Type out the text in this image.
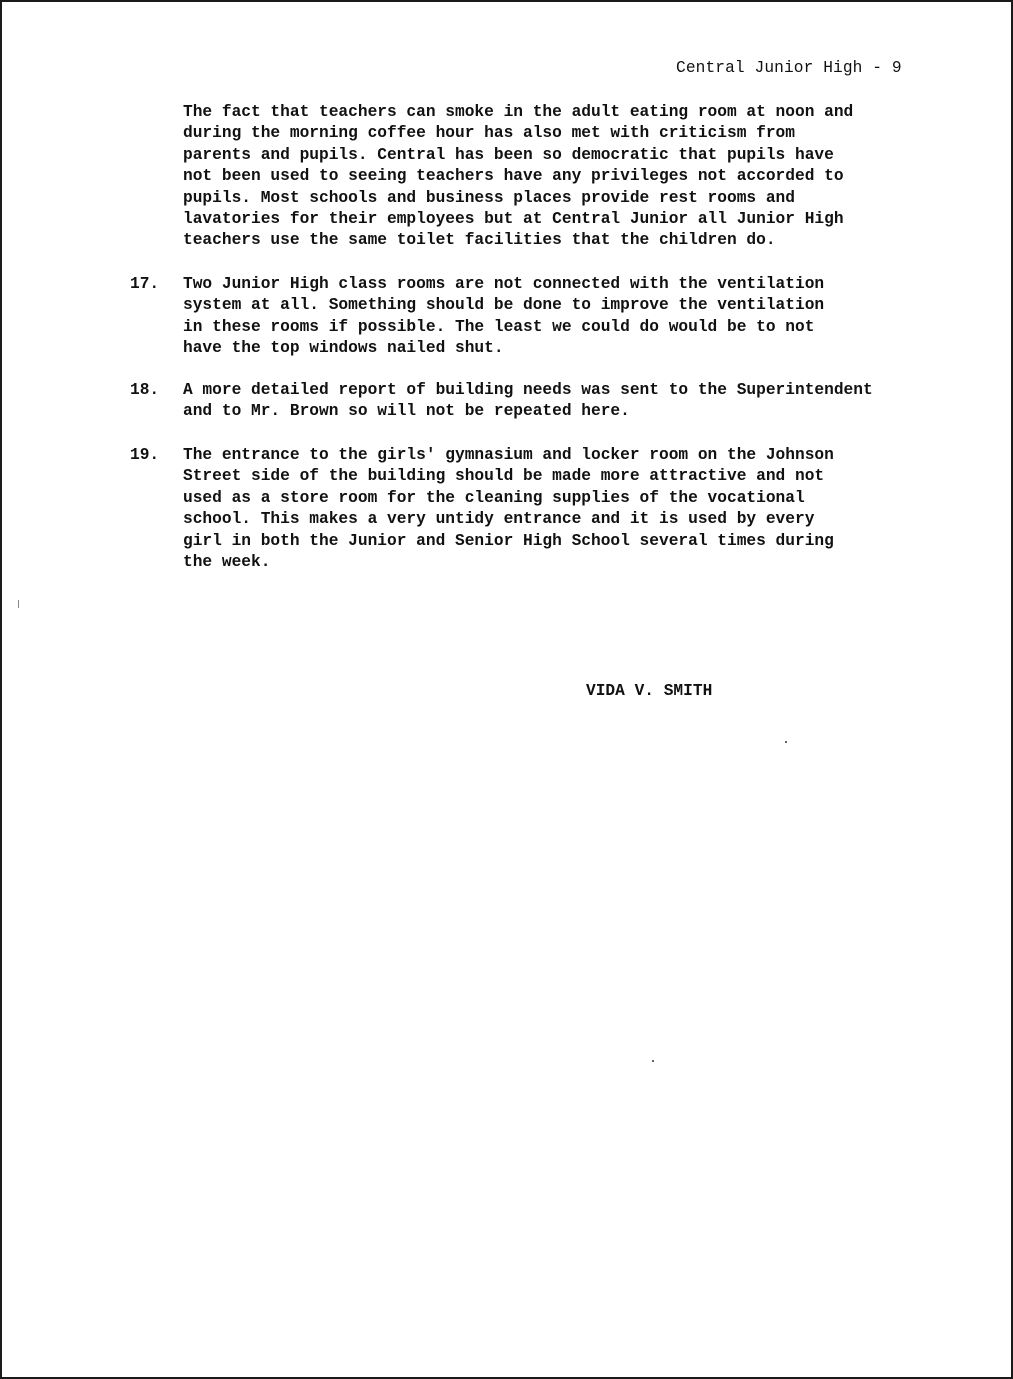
Central Junior High - 9
The fact that teachers can smoke in the adult eating room at noon and
during the morning coffee hour has also met with criticism from
parents and pupils. Central has been so democratic that pupils have
not been used to seeing teachers have any privileges not accorded to
pupils. Most schools and business places provide rest rooms and
lavatories for their employees but at Central Junior all Junior High
teachers use the same toilet facilities that the children do.
17. Two Junior High class rooms are not connected with the ventilation
system at all. Something should be done to improve the ventilation
in these rooms if possible. The least we could do would be to not
have the top windows nailed shut.
18. A more detailed report of building needs was sent to the Superintendent
and to Mr. Brown so will not be repeated here.
19. The entrance to the girls' gymnasium and locker room on the Johnson
Street side of the building should be made more attractive and not
used as a store room for the cleaning supplies of the vocational
school. This makes a very untidy entrance and it is used by every
girl in both the Junior and Senior High School several times during
the week.
VIDA V. SMITH
